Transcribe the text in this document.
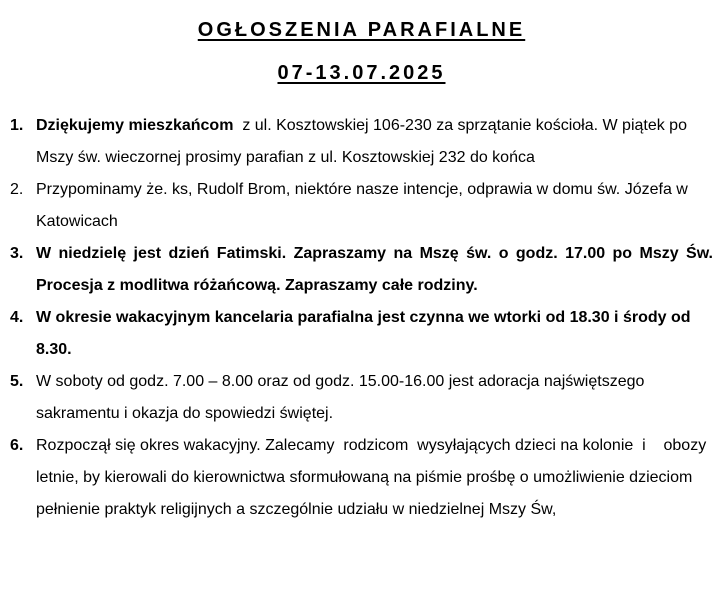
OGŁOSZENIA PARAFIALNE
07-13.07.2025
1. Dziękujemy mieszkańcom  z ul. Kosztowskiej 106-230 za sprzątanie kościoła. W piątek po Mszy św. wieczornej prosimy parafian z ul. Kosztowskiej 232 do końca
2. Przypominamy że. ks, Rudolf Brom, niektóre nasze intencje, odprawia w domu św. Józefa w Katowicach
3. W niedzielę jest dzień Fatimski. Zapraszamy na Mszę św. o godz. 17.00 po Mszy Św. Procesja z modlitwa różańcową. Zapraszamy całe rodziny.
4. W okresie wakacyjnym kancelaria parafialna jest czynna we wtorki od 18.30 i środy od 8.30.
5. W soboty od godz. 7.00 – 8.00 oraz od godz. 15.00-16.00 jest adoracja najświętszego sakramentu i okazja do spowiedzi świętej.
6. Rozpoczął się okres wakacyjny. Zalecamy  rodzicom  wysyłających dzieci na kolonie  i    obozy letnie, by kierowali do kierownictwa sformułowaną na piśmie prośbę o umożliwienie dzieciom pełnienie praktyk religijnych a szczególnie udziału w niedzielnej Mszy Św,
